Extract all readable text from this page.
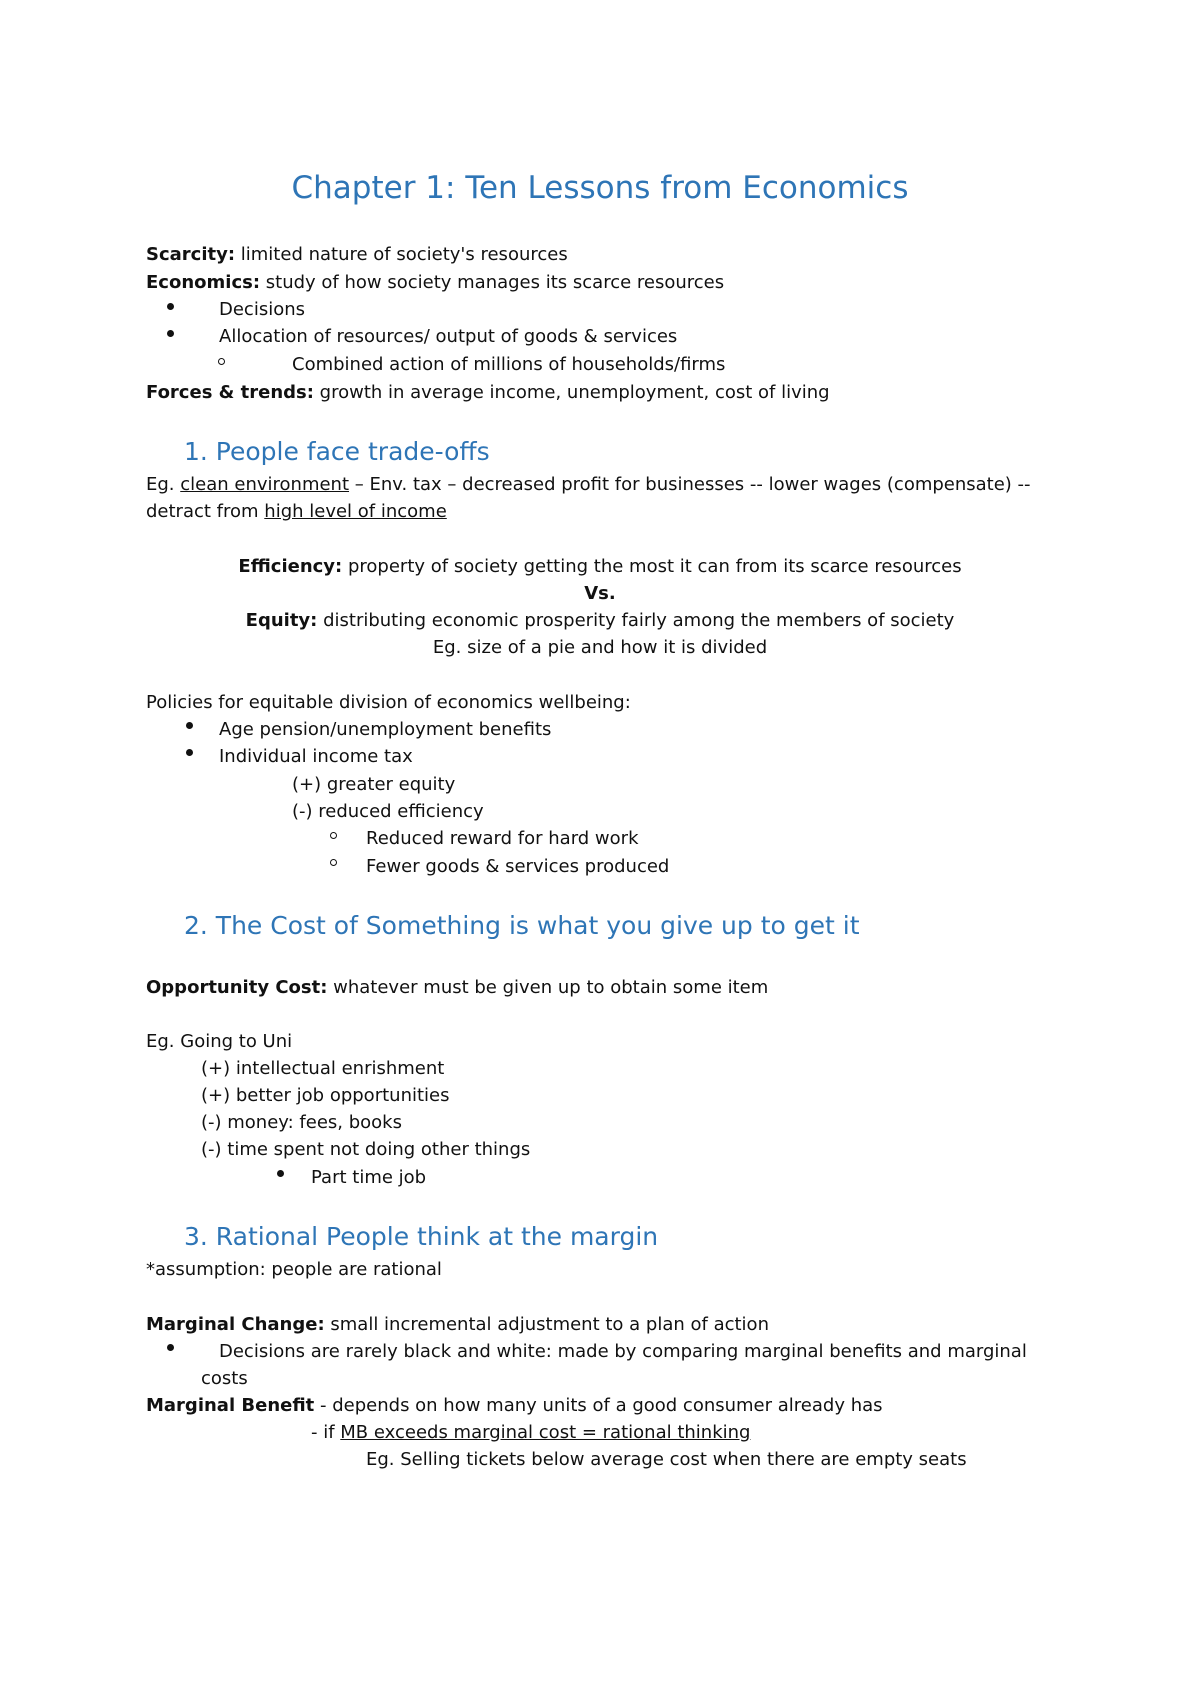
Chapter 1: Ten Lessons from Economics
Scarcity: limited nature of society's resources
Economics: study of how society manages its scarce resources
Decisions
Allocation of resources/ output of goods & services
Combined action of millions of households/firms
Forces & trends: growth in average income, unemployment, cost of living
1. People face trade-offs
Eg. clean environment – Env. tax – decreased profit for businesses -- lower wages (compensate) --
detract from high level of income
Efficiency: property of society getting the most it can from its scarce resources
Vs.
Equity: distributing economic prosperity fairly among the members of society
Eg. size of a pie and how it is divided
Policies for equitable division of economics wellbeing:
Age pension/unemployment benefits
Individual income tax
(+) greater equity
(-) reduced efficiency
Reduced reward for hard work
Fewer goods & services produced
2. The Cost of Something is what you give up to get it
Opportunity Cost: whatever must be given up to obtain some item
Eg. Going to Uni
(+) intellectual enrishment
(+) better job opportunities
(-) money: fees, books
(-) time spent not doing other things
Part time job
3. Rational People think at the margin
*assumption: people are rational
Marginal Change: small incremental adjustment to a plan of action
Decisions are rarely black and white: made by comparing marginal benefits and marginal
costs
Marginal Benefit - depends on how many units of a good consumer already has
- if MB exceeds marginal cost = rational thinking
Eg. Selling tickets below average cost when there are empty seats
